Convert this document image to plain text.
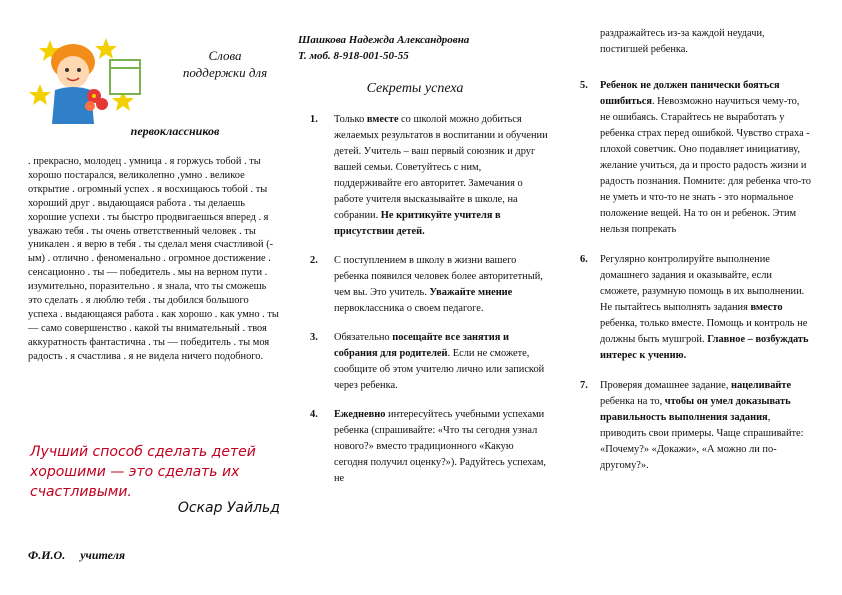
Слова
поддержки для
первоклассников
. прекрасно, молодец . умница . я горжусь тобой . ты хорошо постарался, великолепно ,умно . великое открытие . огромный успех . я восхищаюсь тобой . ты хороший друг . выдающаяся работа . ты делаешь хорошие успехи . ты быстро продвигаешься вперед . я уважаю тебя . ты очень ответственный человек . ты уникален . я верю в тебя . ты сделал меня счастливой (-ым) . отлично . феноменально . огромное достижение . сенсационно . ты — победитель . мы на верном пути . изумительно, поразительно . я знала, что ты сможешь это сделать . я люблю тебя . ты добился большого успеха . выдающаяся работа . как хорошо . как умно . ты — само совершенство . какой ты внимательный . твоя аккуратность фантастична . ты — победитель . ты моя радость . я счастлива . я не видела ничего подобного.
Лучший способ сделать детей хорошими — это сделать их счастливыми.
Оскар Уайльд
Ф.И.О. учителя
Шашкова Надежда Александровна
Т. моб. 8-918-001-50-55
Секреты успеха
1. Только вместе со школой можно добиться желаемых результатов в воспитании и обучении детей. Учитель – ваш первый союзник и друг вашей семьи. Советуйтесь с ним, поддерживайте его авторитет. Замечания о работе учителя высказывайте в школе, на собрании. Не критикуйте учителя в присутствии детей.
2. С поступлением в школу в жизни вашего ребенка появился человек более авторитетный, чем вы. Это учитель. Уважайте мнение первоклассника о своем педагоге.
3. Обязательно посещайте все занятия и собрания для родителей. Если не сможете, сообщите об этом учителю лично или запиской через ребенка.
4. Ежедневно интересуйтесь учебными успехами ребенка (спрашивайте: «Что ты сегодня узнал нового?» вместо традиционного «Какую сегодня получил оценку?»). Радуйтесь успехам, не
раздражайтесь из-за каждой неудачи, постигшей ребенка.
5. Ребенок не должен панически бояться ошибиться. Невозможно научиться чему-то, не ошибаясь. Старайтесь не выработать у ребенка страх перед ошибкой. Чувство страха - плохой советчик. Оно подавляет инициативу, желание учиться, да и просто радость жизни и радость познания. Помните: для ребенка что-то не уметь и что-то не знать - это нормальное положение вещей. На то он и ребенок. Этим нельзя попрекать
6. Регулярно контролируйте выполнение домашнего задания и оказывайте, если сможете, разумную помощь в их выполнении. Не пытайтесь выполнять задания вместо ребенка, только вместе. Помощь и контроль не должны быть мушгрой. Главное – возбуждать интерес к учению.
7. Проверяя домашнее задание, нацеливайте ребенка на то, чтобы он умел доказывать правильность выполнения задания, приводить свои примеры. Чаще спрашивайте: «Почему?» «Докажи», «А можно ли по-другому?».
